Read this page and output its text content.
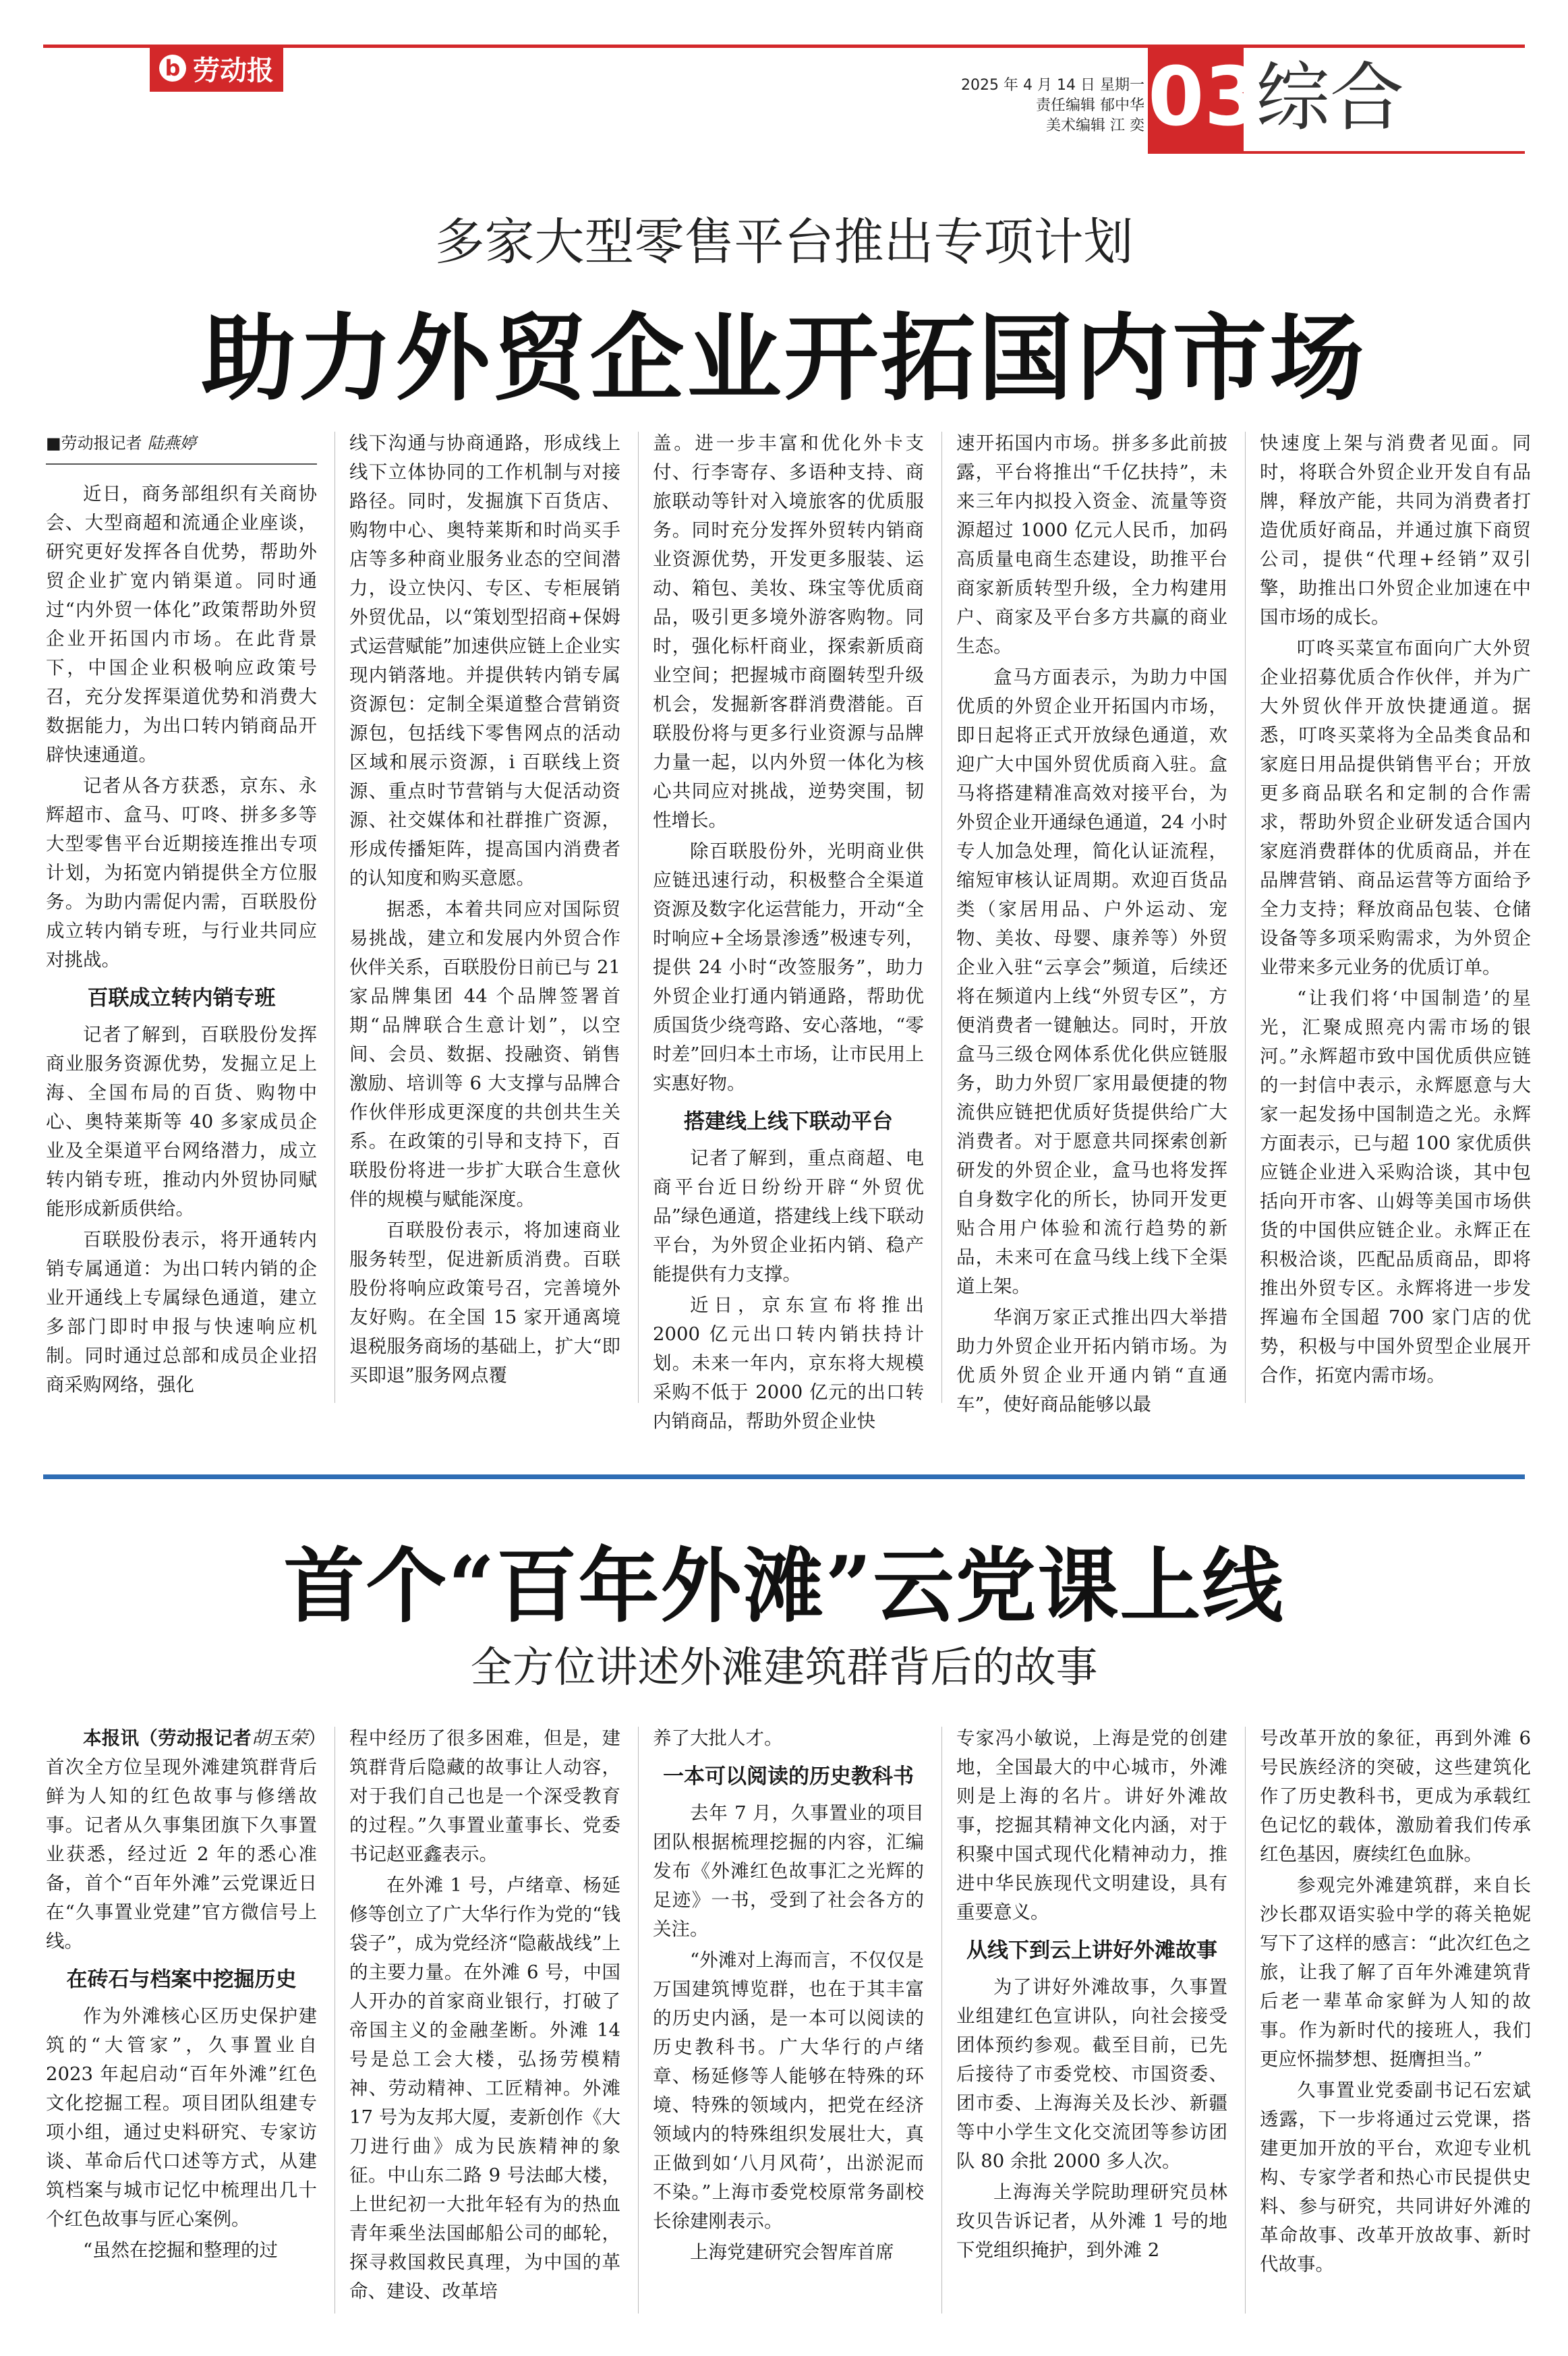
b 劳动报	2025 年 4 月 14 日 星期一
责任编辑 郁中华
美术编辑 江 奕 03
综合
多家大型零售平台推出专项计划
助力外贸企业开拓国内市场
■劳动报记者 陆燕婷

近日，商务部组织有关商协会、大型商超和流通企业座谈，研究更好发挥各自优势，帮助外贸企业扩宽内销渠道。同时通过“内外贸一体化”政策帮助外贸企业开拓国内市场。在此背景下，中国企业积极响应政策号召，充分发挥渠道优势和消费大数据能力，为出口转内销商品开辟快速通道。

记者从各方获悉，京东、永辉超市、盒马、叮咚、拼多多等大型零售平台近期接连推出专项计划，为拓宽内销提供全方位服务。为助内需促内需，百联股份成立转内销专班，与行业共同应对挑战。

百联成立转内销专班

记者了解到，百联股份发挥商业服务资源优势，发掘立足上海、全国布局的百货、购物中心、奥特莱斯等 40 多家成员企业及全渠道平台网络潜力，成立转内销专班，推动内外贸协同赋能形成新质供给。

百联股份表示，将开通转内销专属通道：为出口转内销的企业开通线上专属绿色通道，建立多部门即时申报与快速响应机制。同时通过总部和成员企业招商采购网络，强化

线下沟通与协商通路，形成线上线下立体协同的工作机制与对接路径。同时，发掘旗下百货店、购物中心、奥特莱斯和时尚买手店等多种商业服务业态的空间潜力，设立快闪、专区、专柜展销外贸优品，以“策划型招商+保姆式运营赋能”加速供应链上企业实现内销落地。并提供转内销专属资源包：定制全渠道整合营销资源包，包括线下零售网点的活动区域和展示资源，i 百联线上资源、重点时节营销与大促活动资源、社交媒体和社群推广资源，形成传播矩阵，提高国内消费者的认知度和购买意愿。

据悉，本着共同应对国际贸易挑战，建立和发展内外贸合作伙伴关系，百联股份日前已与 21 家品牌集团 44 个品牌签署首期“品牌联合生意计划”，以空间、会员、数据、投融资、销售激励、培训等 6 大支撑与品牌合作伙伴形成更深度的共创共生关系。在政策的引导和支持下，百联股份将进一步扩大联合生意伙伴的规模与赋能深度。

百联股份表示，将加速商业服务转型，促进新质消费。百联股份将响应政策号召，完善境外友好购。在全国 15 家开通离境退税服务商场的基础上，扩大“即买即退”服务网点覆

盖。进一步丰富和优化外卡支付、行李寄存、多语种支持、商旅联动等针对入境旅客的优质服务。同时充分发挥外贸转内销商业资源优势，开发更多服装、运动、箱包、美妆、珠宝等优质商品，吸引更多境外游客购物。同时，强化标杆商业，探索新质商业空间；把握城市商圈转型升级机会，发掘新客群消费潜能。百联股份将与更多行业资源与品牌力量一起，以内外贸一体化为核心共同应对挑战，逆势突围，韧性增长。

除百联股份外，光明商业供应链迅速行动，积极整合全渠道资源及数字化运营能力，开动“全时响应+全场景渗透”极速专列，提供 24 小时“改签服务”，助力外贸企业打通内销通路，帮助优质国货少绕弯路、安心落地，“零时差”回归本土市场，让市民用上实惠好物。

搭建线上线下联动平台

记者了解到，重点商超、电商平台近日纷纷开辟“外贸优品”绿色通道，搭建线上线下联动平台，为外贸企业拓内销、稳产能提供有力支撑。

近日，京东宣布将推出 2000 亿元出口转内销扶持计划。未来一年内，京东将大规模采购不低于 2000 亿元的出口转内销商品，帮助外贸企业快

速开拓国内市场。拼多多此前披露，平台将推出“千亿扶持”，未来三年内拟投入资金、流量等资源超过 1000 亿元人民币，加码高质量电商生态建设，助推平台商家新质转型升级，全力构建用户、商家及平台多方共赢的商业生态。

盒马方面表示，为助力中国优质的外贸企业开拓国内市场，即日起将正式开放绿色通道，欢迎广大中国外贸优质商入驻。盒马将搭建精准高效对接平台，为外贸企业开通绿色通道，24 小时专人加急处理，简化认证流程，缩短审核认证周期。欢迎百货品类（家居用品、户外运动、宠物、美妆、母婴、康养等）外贸企业入驻“云享会”频道，后续还将在频道内上线“外贸专区”，方便消费者一键触达。同时，开放盒马三级仓网体系优化供应链服务，助力外贸厂家用最便捷的物流供应链把优质好货提供给广大消费者。对于愿意共同探索创新研发的外贸企业，盒马也将发挥自身数字化的所长，协同开发更贴合用户体验和流行趋势的新品，未来可在盒马线上线下全渠道上架。

华润万家正式推出四大举措助力外贸企业开拓内销市场。为优质外贸企业开通内销“直通车”，使好商品能够以最

快速度上架与消费者见面。同时，将联合外贸企业开发自有品牌，释放产能，共同为消费者打造优质好商品，并通过旗下商贸公司，提供“代理+经销”双引擎，助推出口外贸企业加速在中国市场的成长。

叮咚买菜宣布面向广大外贸企业招募优质合作伙伴，并为广大外贸伙伴开放快捷通道。据悉，叮咚买菜将为全品类食品和家庭日用品提供销售平台；开放更多商品联名和定制的合作需求，帮助外贸企业研发适合国内家庭消费群体的优质商品，并在品牌营销、商品运营等方面给予全力支持；释放商品包装、仓储设备等多项采购需求，为外贸企业带来多元业务的优质订单。

“让我们将‘中国制造’的星光，汇聚成照亮内需市场的银河。”永辉超市致中国优质供应链的一封信中表示，永辉愿意与大家一起发扬中国制造之光。永辉方面表示，已与超 100 家优质供应链企业进入采购洽谈，其中包括向开市客、山姆等美国市场供货的中国供应链企业。永辉正在积极洽谈，匹配品质商品，即将推出外贸专区。永辉将进一步发挥遍布全国超 700 家门店的优势，积极与中国外贸型企业展开合作，拓宽内需市场。

首个“百年外滩”云党课上线
全方位讲述外滩建筑群背后的故事

本报讯（劳动报记者胡玉荣）首次全方位呈现外滩建筑群背后鲜为人知的红色故事与修缮故事。记者从久事集团旗下久事置业获悉，经过近 2 年的悉心准备，首个“百年外滩”云党课近日在“久事置业党建”官方微信号上线。

在砖石与档案中挖掘历史

作为外滩核心区历史保护建筑的“大管家”，久事置业自 2023 年起启动“百年外滩”红色文化挖掘工程。项目团队组建专项小组，通过史料研究、专家访谈、革命后代口述等方式，从建筑档案与城市记忆中梳理出几十个红色故事与匠心案例。

“虽然在挖掘和整理的过

程中经历了很多困难，但是，建筑群背后隐藏的故事让人动容，对于我们自己也是一个深受教育的过程。”久事置业董事长、党委书记赵亚鑫表示。

在外滩 1 号，卢绪章、杨延修等创立了广大华行作为党的“钱袋子”，成为党经济“隐蔽战线”上的主要力量。在外滩 6 号，中国人开办的首家商业银行，打破了帝国主义的金融垄断。外滩 14 号是总工会大楼，弘扬劳模精神、劳动精神、工匠精神。外滩 17 号为友邦大厦，麦新创作《大刀进行曲》成为民族精神的象征。中山东二路 9 号法邮大楼，上世纪初一大批年轻有为的热血青年乘坐法国邮船公司的邮轮，探寻救国救民真理，为中国的革命、建设、改革培

养了大批人才。

一本可以阅读的历史教科书

去年 7 月，久事置业的项目团队根据梳理挖掘的内容，汇编发布《外滩红色故事汇之光辉的足迹》一书，受到了社会各方的关注。

“外滩对上海而言，不仅仅是万国建筑博览群，也在于其丰富的历史内涵，是一本可以阅读的历史教科书。广大华行的卢绪章、杨延修等人能够在特殊的环境、特殊的领域内，把党在经济领域内的特殊组织发展壮大，真正做到如‘八月风荷’，出淤泥而不染。”上海市委党校原常务副校长徐建刚表示。

上海党建研究会智库首席

专家冯小敏说，上海是党的创建地，全国最大的中心城市，外滩则是上海的名片。讲好外滩故事，挖掘其精神文化内涵，对于积聚中国式现代化精神动力，推进中华民族现代文明建设，具有重要意义。

从线下到云上讲好外滩故事

为了讲好外滩故事，久事置业组建红色宣讲队，向社会接受团体预约参观。截至目前，已先后接待了市委党校、市国资委、团市委、上海海关及长沙、新疆等中小学生文化交流团等参访团队 80 余批 2000 多人次。

上海海关学院助理研究员林玫贝告诉记者，从外滩 1 号的地下党组织掩护，到外滩 2

号改革开放的象征，再到外滩 6 号民族经济的突破，这些建筑化作了历史教科书，更成为承载红色记忆的载体，激励着我们传承红色基因，赓续红色血脉。

参观完外滩建筑群，来自长沙长郡双语实验中学的蒋关艳妮写下了这样的感言：“此次红色之旅，让我了解了百年外滩建筑背后老一辈革命家鲜为人知的故事。作为新时代的接班人，我们更应怀揣梦想、挺膺担当。”

久事置业党委副书记石宏斌透露，下一步将通过云党课，搭建更加开放的平台，欢迎专业机构、专家学者和热心市民提供史料、参与研究，共同讲好外滩的革命故事、改革开放故事、新时代故事。
